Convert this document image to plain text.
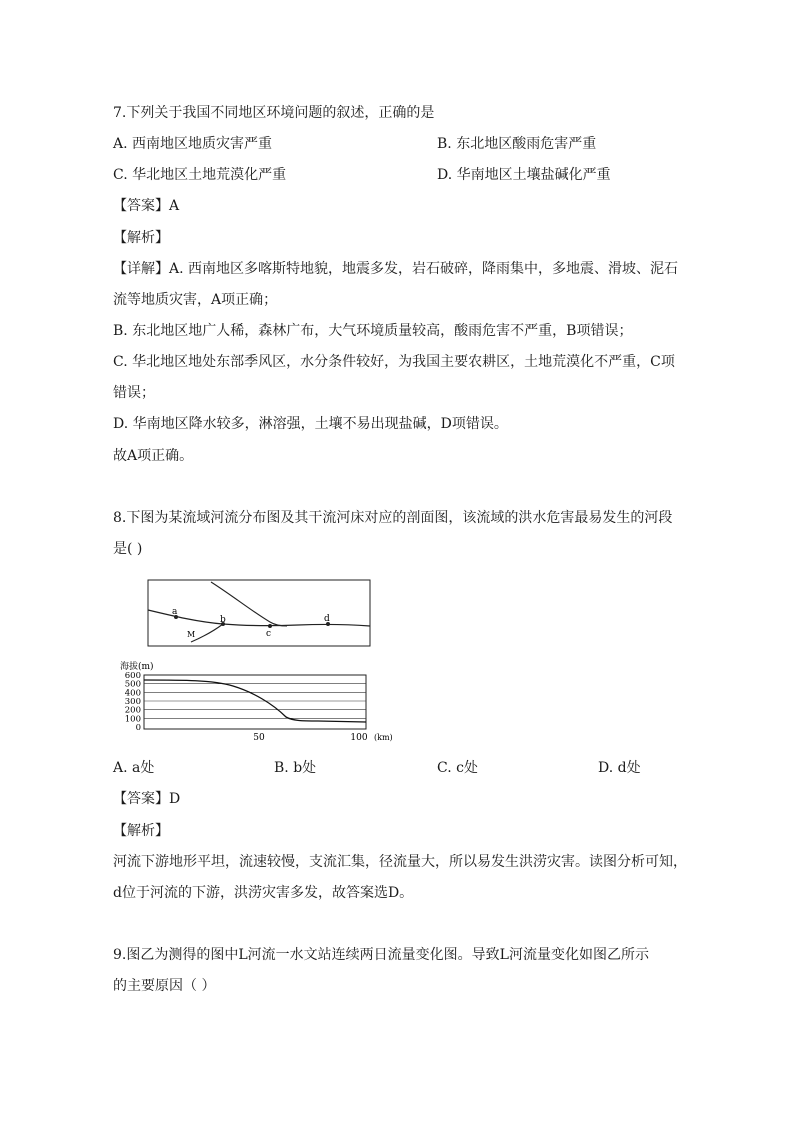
7.下列关于我国不同地区环境问题的叙述，正确的是
A. 西南地区地质灾害严重	B. 东北地区酸雨危害严重
C. 华北地区土地荒漠化严重	D. 华南地区土壤盐碱化严重
【答案】A
【解析】
【详解】A. 西南地区多喀斯特地貌，地震多发，岩石破碎，降雨集中，多地震、滑坡、泥石
流等地质灾害，A项正确；
B. 东北地区地广人稀，森林广布，大气环境质量较高，酸雨危害不严重，B项错误；
C. 华北地区地处东部季风区，水分条件较好，为我国主要农耕区，土地荒漠化不严重，C项
错误；
D. 华南地区降水较多，淋溶强，土壤不易出现盐碱，D项错误。
故A项正确。
8.下图为某流域河流分布图及其干流河床对应的剖面图，该流域的洪水危害最易发生的河段
是( )
a
b
c
d
M
海拔(m)
600
500
400
300
200
100
0
50	100 (km)
A. a处	B. b处	C. c处	D. d处
【答案】D
【解析】
河流下游地形平坦，流速较慢，支流汇集，径流量大，所以易发生洪涝灾害。读图分析可知，
d位于河流的下游，洪涝灾害多发，故答案选D。
9.图乙为测得的图中L河流一水文站连续两日流量变化图。导致L河流量变化如图乙所示
的主要原因（ ）
